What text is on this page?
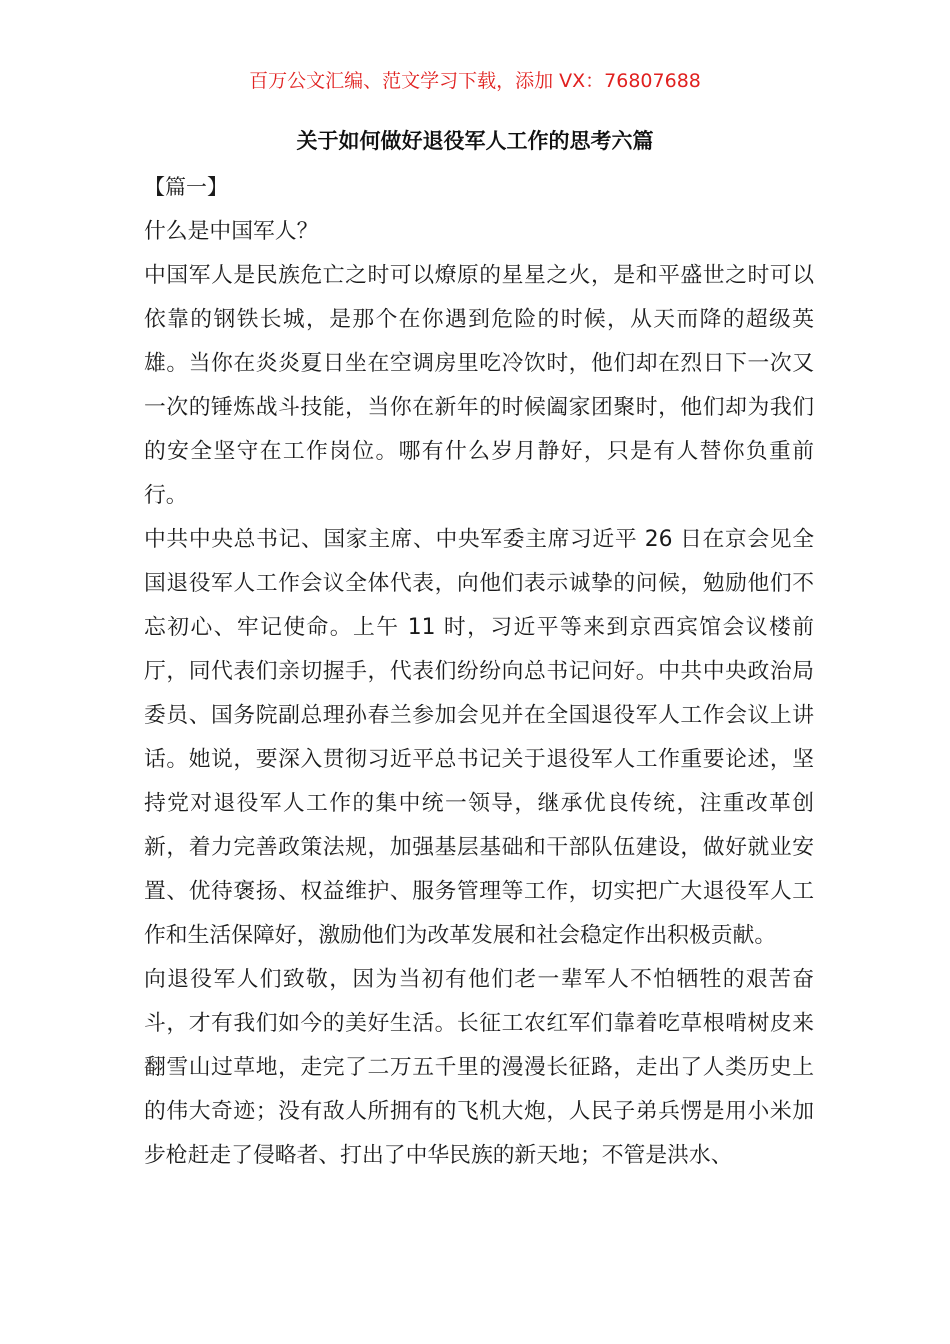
百万公文汇编、范文学习下载，添加 VX：76807688
关于如何做好退役军人工作的思考六篇
【篇一】

什么是中国军人？

中国军人是民族危亡之时可以燎原的星星之火，是和平盛世之时可以依靠的钢铁长城，是那个在你遇到危险的时候，从天而降的超级英雄。当你在炎炎夏日坐在空调房里吃冷饮时，他们却在烈日下一次又一次的锤炼战斗技能，当你在新年的时候阖家团聚时，他们却为我们的安全坚守在工作岗位。哪有什么岁月静好，只是有人替你负重前行。

中共中央总书记、国家主席、中央军委主席习近平 26 日在京会见全国退役军人工作会议全体代表，向他们表示诚挚的问候，勉励他们不忘初心、牢记使命。上午 11 时，习近平等来到京西宾馆会议楼前厅，同代表们亲切握手，代表们纷纷向总书记问好。中共中央政治局委员、国务院副总理孙春兰参加会见并在全国退役军人工作会议上讲话。她说，要深入贯彻习近平总书记关于退役军人工作重要论述，坚持党对退役军人工作的集中统一领导，继承优良传统，注重改革创新，着力完善政策法规，加强基层基础和干部队伍建设，做好就业安置、优待褒扬、权益维护、服务管理等工作，切实把广大退役军人工作和生活保障好，激励他们为改革发展和社会稳定作出积极贡献。

向退役军人们致敬，因为当初有他们老一辈军人不怕牺牲的艰苦奋斗，才有我们如今的美好生活。长征工农红军们靠着吃草根啃树皮来翻雪山过草地，走完了二万五千里的漫漫长征路，走出了人类历史上的伟大奇迹；没有敌人所拥有的飞机大炮，人民子弟兵愣是用小米加步枪赶走了侵略者、打出了中华民族的新天地；不管是洪水、
